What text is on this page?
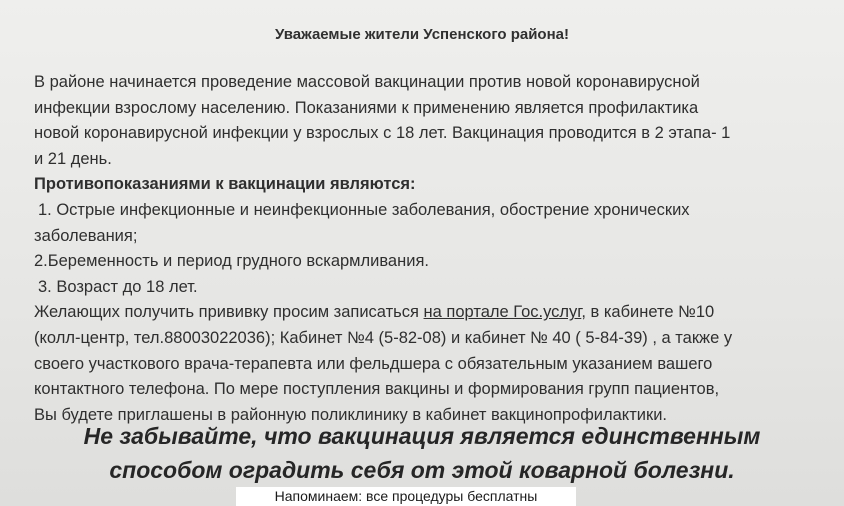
Уважаемые жители Успенского района!
В районе начинается проведение массовой вакцинации против новой коронавирусной
инфекции взрослому населению. Показаниями к применению является профилактика
новой коронавирусной инфекции у взрослых с 18 лет. Вакцинация проводится в 2 этапа- 1
и 21 день.
Противопоказаниями к вакцинации являются:
1. Острые инфекционные и неинфекционные заболевания, обострение хронических
заболевания;
2.Беременность и период грудного вскармливания.
3. Возраст до 18 лет.
Желающих получить прививку просим записаться на портале Гос.услуг, в кабинете №10
(колл-центр, тел.88003022036); Кабинет №4 (5-82-08) и кабинет № 40 ( 5-84-39) , а также у
своего участкового врача-терапевта или фельдшера с обязательным указанием вашего
контактного телефона. По мере поступления вакцины и формирования групп пациентов,
Вы будете приглашены в районную поликлинику в кабинет вакцинопрофилактики.
Не забывайте, что вакцинация является единственным
способом оградить себя от этой коварной болезни.
Напоминаем: все процедуры бесплатны
